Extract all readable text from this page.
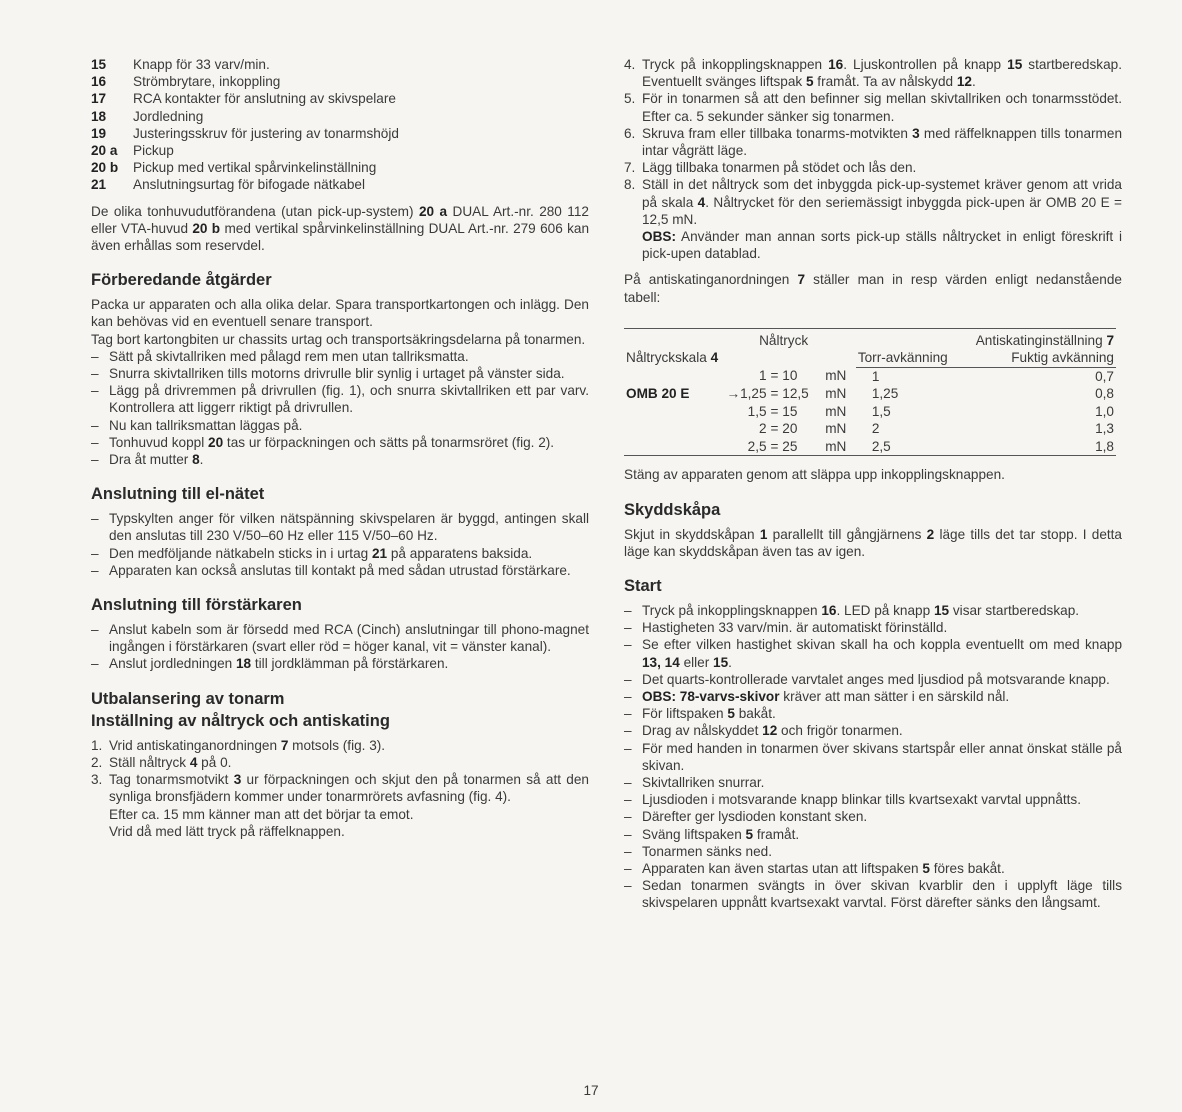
15	Knapp för 33 varv/min.
16	Strömbrytare, inkoppling
17	RCA kontakter för anslutning av skivspelare
18	Jordledning
19	Justeringsskruv för justering av tonarmshöjd
20 a	Pickup
20 b	Pickup med vertikal spårvinkelinställning
21	Anslutningsurtag för bifogade nätkabel

De olika tonhuvudutförandena (utan pick-up-system) 20 a DUAL Art.-nr. 280 112 eller VTA-huvud 20 b med vertikal spårvinkelinställning DUAL Art.-nr. 279 606 kan även erhållas som reservdel.

Förberedande åtgärder

Packa ur apparaten och alla olika delar. Spara transportkartongen och inlägg. Den kan behövas vid en eventuell senare transport.

Tag bort kartongbiten ur chassits urtag och transportsäkringsdelarna på tonarmen.

– Sätt på skivtallriken med pålagd rem men utan tallriksmatta.
– Snurra skivtallriken tills motorns drivrulle blir synlig i urtaget på vänster sida.
– Lägg på drivremmen på drivrullen (fig. 1), och snurra skivtallriken ett par varv. Kontrollera att liggerr riktigt på drivrullen.
– Nu kan tallriksmattan läggas på.
– Tonhuvud koppl 20 tas ur förpackningen och sätts på tonarmsröret (fig. 2).
– Dra åt mutter 8.
Anslutning till el-nätet
– Typskylten anger för vilken nätspänning skivspelaren är byggd, antingen skall den anslutas till 230 V/50–60 Hz eller 115 V/50–60 Hz.
– Den medföljande nätkabeln sticks in i urtag 21 på apparatens baksida.
– Apparaten kan också anslutas till kontakt på med sådan utrustad förstärkare.
Anslutning till förstärkaren
– Anslut kabeln som är försedd med RCA (Cinch) anslutningar till phono-magnet ingången i förstärkaren (svart eller röd = höger kanal, vit = vänster kanal).
– Anslut jordledningen 18 till jordklämman på förstärkaren.
Utbalansering av tonarm
Inställning av nåltryck och antiskating
1. Vrid antiskatinganordningen 7 motsols (fig. 3).
2. Ställ nåltryck 4 på 0.
3. Tag tonarmsmotvikt 3 ur förpackningen och skjut den på tonarmen så att den synliga bronsfjädern kommer under tonarmrörets avfasning (fig. 4).
Efter ca. 15 mm känner man att det börjar ta emot.
Vrid då med lätt tryck på räffelknappen.
4. Tryck på inkopplingsknappen 16. Ljuskontrollen på knapp 15 startberedskap. Eventuellt svänges liftspak 5 framåt. Ta av nålskydd 12.
5. För in tonarmen så att den befinner sig mellan skivtallriken och tonarmsstödet. Efter ca. 5 sekunder sänker sig tonarmen.
6. Skruva fram eller tillbaka tonarms-motvikten 3 med räffelknappen tills tonarmen intar vågrätt läge.
7. Lägg tillbaka tonarmen på stödet och lås den.
8. Ställ in det nåltryck som det inbyggda pick-up-systemet kräver genom att vrida på skala 4. Nåltrycket för den seriemässigt inbyggda pick-upen är OMB 20 E = 12,5 mN.
OBS: Använder man annan sorts pick-up ställs nåltrycket in enligt föreskrift i pick-upen datablad.

På antiskatinganordningen 7 ställer man in resp värden enligt nedanstående tabell:

	Nåltryck			Antiskatinginställning 7	
Nåltryckskala 4				Torr-avkänning	Fuktig avkänning
	1	= 10	mN	1	0,7
OMB 20 E	→1,25	= 12,5	mN	1,25	0,8
	1,5	= 15	mN	1,5	1,0
	2	= 20	mN	2	1,3
	2,5	= 25	mN	2,5	1,8

Stäng av apparaten genom att släppa upp inkopplingsknappen.

Skyddskåpa

Skjut in skyddskåpan 1 parallellt till gångjärnens 2 läge tills det tar stopp. I detta läge kan skyddskåpan även tas av igen.

Start
– Tryck på inkopplingsknappen 16. LED på knapp 15 visar startberedskap.
– Hastigheten 33 varv/min. är automatiskt förinställd.
– Se efter vilken hastighet skivan skall ha och koppla eventuellt om med knapp 13, 14 eller 15.
– Det quarts-kontrollerade varvtalet anges med ljusdiod på motsvarande knapp.
– OBS: 78-varvs-skivor kräver att man sätter i en särskild nål.
– För liftspaken 5 bakåt.
– Drag av nålskyddet 12 och frigör tonarmen.
– För med handen in tonarmen över skivans startspår eller annat önskat ställe på skivan.
– Skivtallriken snurrar.
– Ljusdioden i motsvarande knapp blinkar tills kvartsexakt varvtal uppnåtts.
– Därefter ger lysdioden konstant sken.
– Sväng liftspaken 5 framåt.
– Tonarmen sänks ned.
– Apparaten kan även startas utan att liftspaken 5 föres bakåt.
– Sedan tonarmen svängts in över skivan kvarblir den i upplyft läge tills skivspelaren uppnått kvartsexakt varvtal. Först därefter sänks den långsamt.
17
